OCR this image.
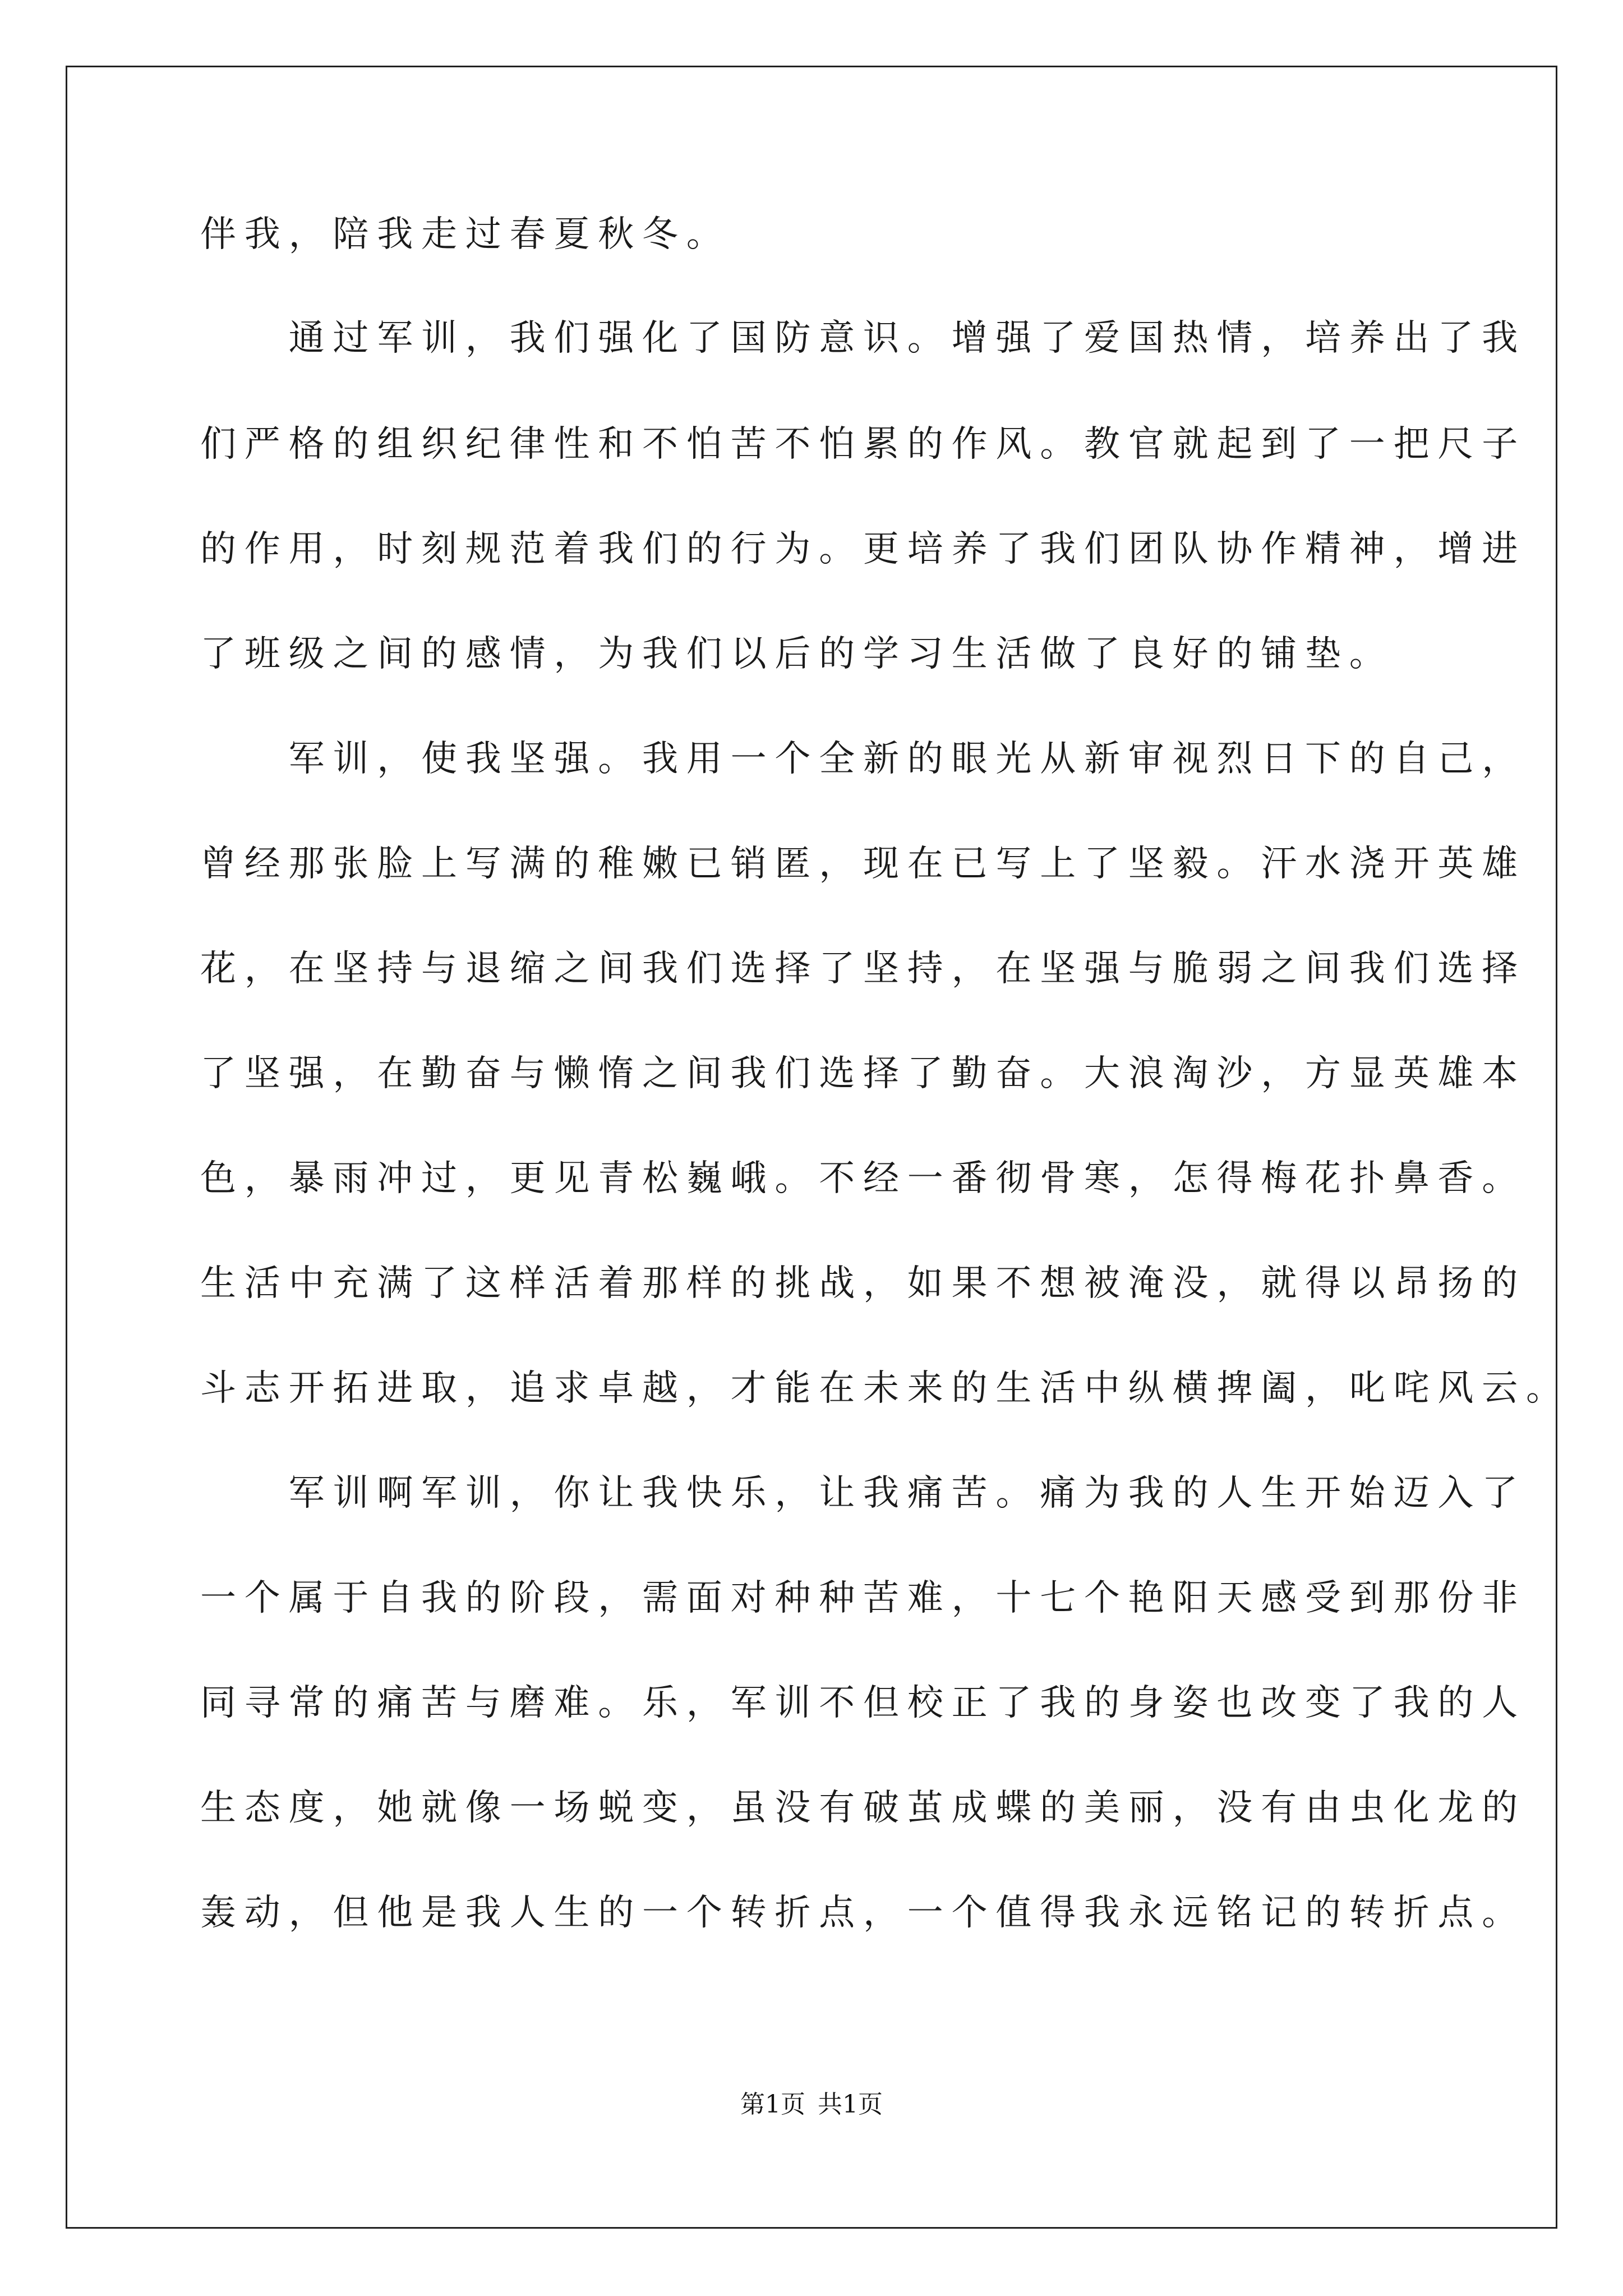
伴我，陪我走过春夏秋冬。
　　通过军训，我们强化了国防意识。增强了爱国热情，培养出了我
们严格的组织纪律性和不怕苦不怕累的作风。教官就起到了一把尺子
的作用，时刻规范着我们的行为。更培养了我们团队协作精神，增进
了班级之间的感情，为我们以后的学习生活做了良好的铺垫。
　　军训，使我坚强。我用一个全新的眼光从新审视烈日下的自己，
曾经那张脸上写满的稚嫩已销匿，现在已写上了坚毅。汗水浇开英雄
花，在坚持与退缩之间我们选择了坚持，在坚强与脆弱之间我们选择
了坚强，在勤奋与懒惰之间我们选择了勤奋。大浪淘沙，方显英雄本
色，暴雨冲过，更见青松巍峨。不经一番彻骨寒，怎得梅花扑鼻香。
生活中充满了这样活着那样的挑战，如果不想被淹没，就得以昂扬的
斗志开拓进取，追求卓越，才能在未来的生活中纵横捭阖，叱咤风云。
　　军训啊军训，你让我快乐，让我痛苦。痛为我的人生开始迈入了
一个属于自我的阶段，需面对种种苦难，十七个艳阳天感受到那份非
同寻常的痛苦与磨难。乐，军训不但校正了我的身姿也改变了我的人
生态度，她就像一场蜕变，虽没有破茧成蝶的美丽，没有由虫化龙的
轰动，但他是我人生的一个转折点，一个值得我永远铭记的转折点。
第1页 共1页
